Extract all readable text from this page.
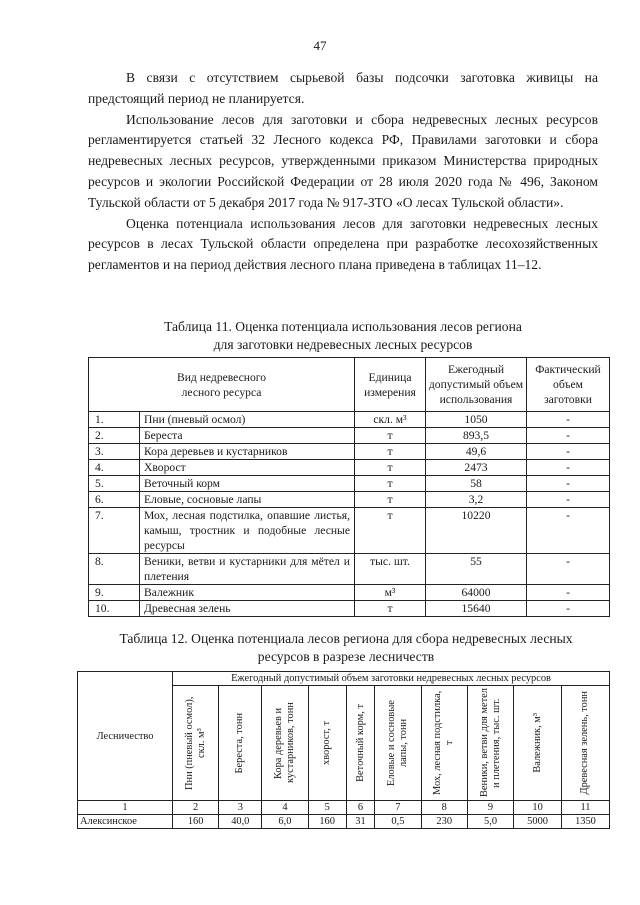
47

В связи с отсутствием сырьевой базы подсочки заготовка живицы на предстоящий период не планируется.

Использование лесов для заготовки и сбора недревесных лесных ресурсов регламентируется статьей 32 Лесного кодекса РФ, Правилами заготовки и сбора недревесных лесных ресурсов, утвержденными приказом Министерства природных ресурсов и экологии Российской Федерации от 28 июля 2020 года № 496, Законом Тульской области от 5 декабря 2017 года № 917-ЗТО «О лесах Тульской области».

Оценка потенциала использования лесов для заготовки недревесных лесных ресурсов в лесах Тульской области определена при разработке лесохозяйственных регламентов и на период действия лесного плана приведена в таблицах 11–12.

Таблица 11. Оценка потенциала использования лесов региона
для заготовки недревесных лесных ресурсов
Вид недревесного
лесного ресурса		Единица измерения	Ежегодный допустимый объем использования	Фактический объем заготовки
1.	Пни (пневый осмол)	скл. м³	1050	-
2.	Береста	т	893,5	-
3.	Кора деревьев и кустарников	т	49,6	-
4.	Хворост	т	2473	-
5.	Веточный корм	т	58	-
6.	Еловые, сосновые лапы	т	3,2	-
7.	Мох, лесная подстилка, опавшие листья, камыш, тростник и подобные лесные ресурсы	т	10220	-
8.	Веники, ветви и кустарники для мётел и плетения	тыс. шт.	55	-
9.	Валежник	м³	64000	-
10.	Древесная зелень	т	15640	-
Таблица 12. Оценка потенциала лесов региона для сбора недревесных лесных
ресурсов в разрезе лесничеств
Лесничество	Ежегодный допустимый объем заготовки недревесных лесных ресурсов									

	Пни (пневый осмол), скл. м³	Береста, тонн	Кора деревьев и кустарников, тонн	хворост, т	Веточный корм, т	Еловые и сосновые лапы, тонн	Мох, лесная подстилка, т	Веники, ветви для метел и плетения, тыс. шт.	Валежник, м³	Древесная зелень, тонн

1	2	3	4	5	6	7	8	9	10	11
Алексинское	160	40,0	6,0	160	31	0,5	230	5,0	5000	1350
